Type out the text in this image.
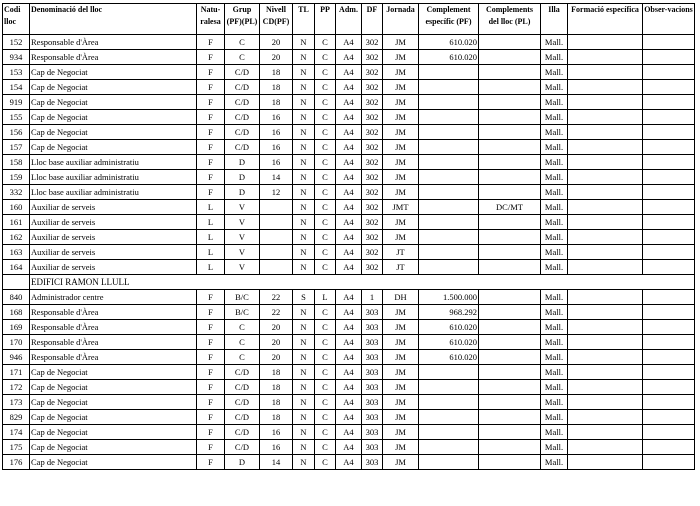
Codi lloc	Denominació del lloc	Natu-ralesa	Grup (PF)(PL)	Nivell CD(PF)	TL	PP	Adm.	DF	Jornada	Complement específic (PF)	Complements del lloc (PL)	Illa	Formació específica	Obser-vacions
152	Responsable d'Àrea	F	C	20	N	C	A4	302	JM	610.020		Mall.		
934	Responsable d'Àrea	F	C	20	N	C	A4	302	JM	610.020		Mall.		
153	Cap de Negociat	F	C/D	18	N	C	A4	302	JM			Mall.		
154	Cap de Negociat	F	C/D	18	N	C	A4	302	JM			Mall.		
919	Cap de Negociat	F	C/D	18	N	C	A4	302	JM			Mall.		
155	Cap de Negociat	F	C/D	16	N	C	A4	302	JM			Mall.		
156	Cap de Negociat	F	C/D	16	N	C	A4	302	JM			Mall.		
157	Cap de Negociat	F	C/D	16	N	C	A4	302	JM			Mall.		
158	Lloc base auxiliar administratiu	F	D	16	N	C	A4	302	JM			Mall.		
159	Lloc base auxiliar administratiu	F	D	14	N	C	A4	302	JM			Mall.		
332	Lloc base auxiliar administratiu	F	D	12	N	C	A4	302	JM			Mall.		
160	Auxiliar de serveis	L	V		N	C	A4	302	JMT		DC/MT	Mall.		
161	Auxiliar de serveis	L	V		N	C	A4	302	JM			Mall.		
162	Auxiliar de serveis	L	V		N	C	A4	302	JM			Mall.		
163	Auxiliar de serveis	L	V		N	C	A4	302	JT			Mall.		
164	Auxiliar de serveis	L	V		N	C	A4	302	JT			Mall.		
	EDIFICI RAMON LLULL													
840	Administrador centre	F	B/C	22	S	L	A4	1	DH	1.500.000		Mall.		
168	Responsable d'Àrea	F	B/C	22	N	C	A4	303	JM	968.292		Mall.		
169	Responsable d'Àrea	F	C	20	N	C	A4	303	JM	610.020		Mall.		
170	Responsable d'Àrea	F	C	20	N	C	A4	303	JM	610.020		Mall.		
946	Responsable d'Àrea	F	C	20	N	C	A4	303	JM	610.020		Mall.		
171	Cap de Negociat	F	C/D	18	N	C	A4	303	JM			Mall.		
172	Cap de Negociat	F	C/D	18	N	C	A4	303	JM			Mall.		
173	Cap de Negociat	F	C/D	18	N	C	A4	303	JM			Mall.		
829	Cap de Negociat	F	C/D	18	N	C	A4	303	JM			Mall.		
174	Cap de Negociat	F	C/D	16	N	C	A4	303	JM			Mall.		
175	Cap de Negociat	F	C/D	16	N	C	A4	303	JM			Mall.		
176	Cap de Negociat	F	D	14	N	C	A4	303	JM			Mall.		
